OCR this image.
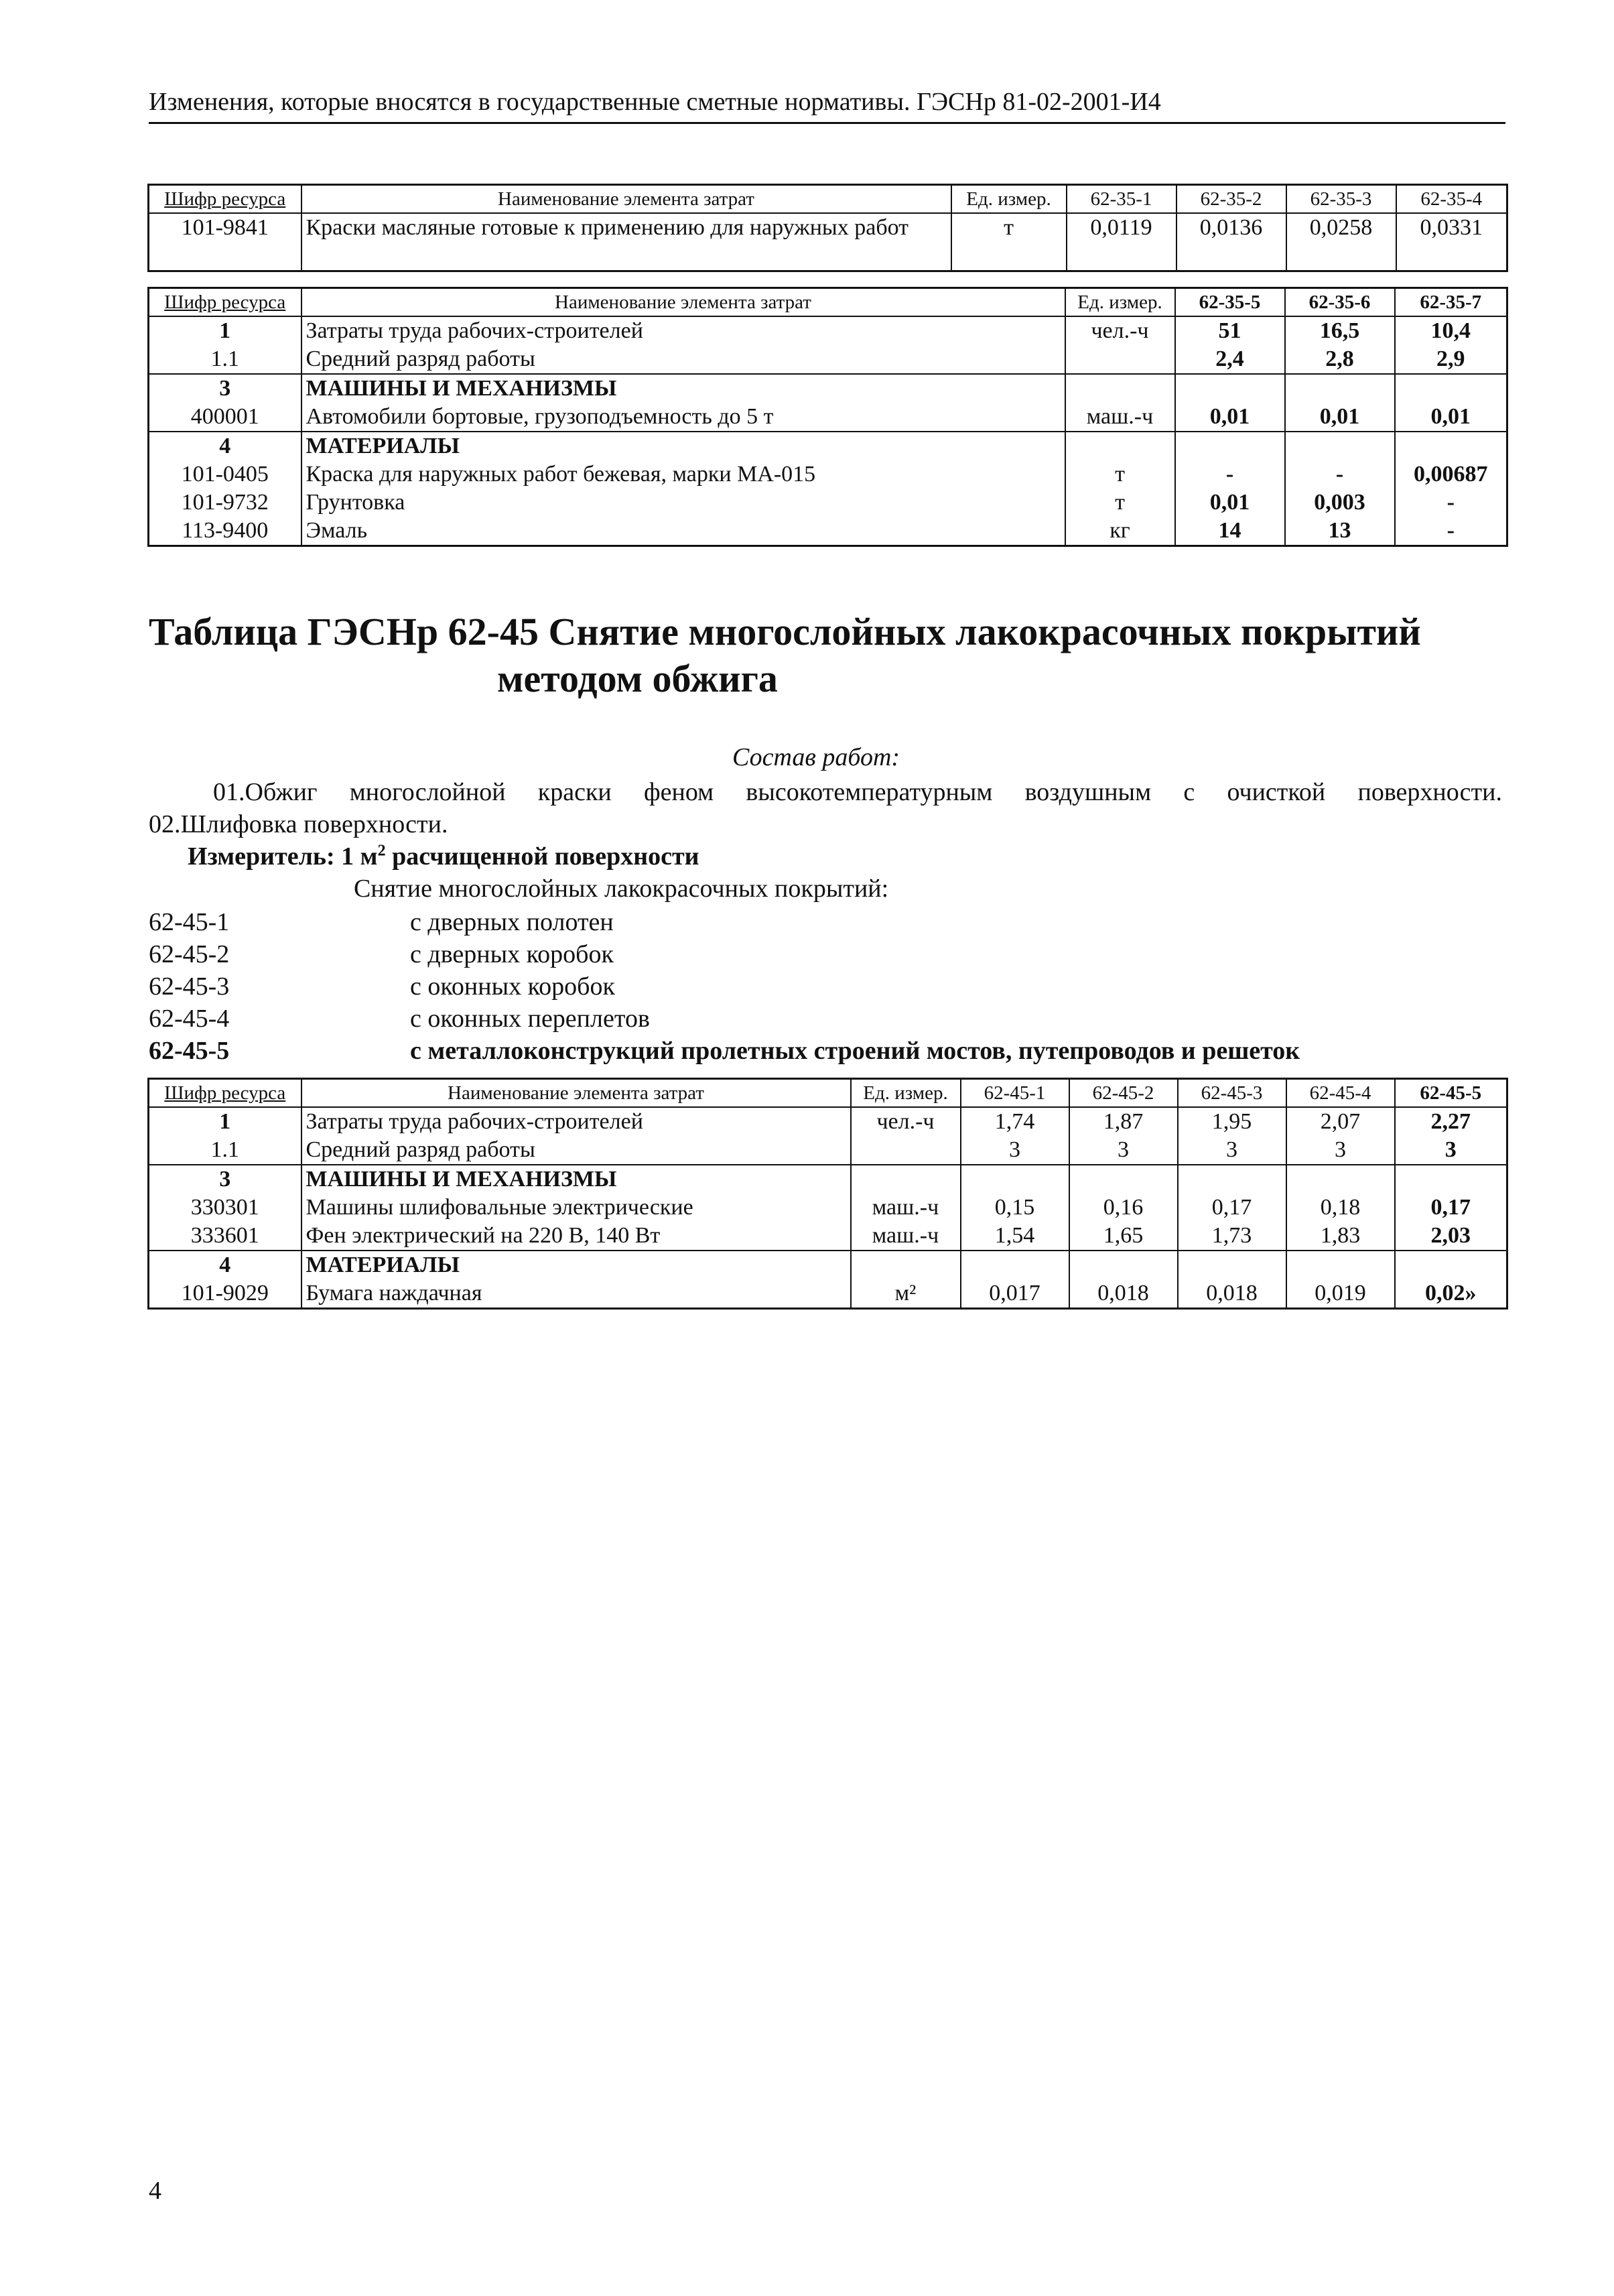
Изменения, которые вносятся в государственные сметные нормативы. ГЭСНр 81-02-2001-И4
Шифр ресурса	Наименование элемента затрат	Ед. измер.	62-35-1	62-35-2	62-35-3	62-35-4
101-9841	Краски масляные готовые к применению для наружных работ	т	0,0119	0,0136	0,0258	0,0331
Шифр ресурса	Наименование элемента затрат	Ед. измер.	62-35-5	62-35-6	62-35-7
1	Затраты труда рабочих-строителей	чел.-ч	51	16,5	10,4
1.1	Средний разряд работы		2,4	2,8	2,9
3	МАШИНЫ И МЕХАНИЗМЫ				
400001	Автомобили бортовые, грузоподъемность до 5 т	маш.-ч	0,01	0,01	0,01
4	МАТЕРИАЛЫ				
101-0405	Краска для наружных работ бежевая, марки МА-015	т	-	-	0,00687
101-9732	Грунтовка	т	0,01	0,003	-
113-9400	Эмаль	кг	14	13	-
Таблица ГЭСНр 62-45 Снятие многослойных лакокрасочных покрытий
методом обжига
Состав работ:
01.Обжиг многослойной краски феном высокотемпературным воздушным с очисткой поверхности.
02.Шлифовка поверхности.
Измеритель: 1 $м^2$ расчищенной поверхности
Снятие многослойных лакокрасочных покрытий:
62-45-1	с дверных полотен
62-45-2	с дверных коробок
62-45-3	с оконных коробок
62-45-4	с оконных переплетов
62-45-5	с металлоконструкций пролетных строений мостов, путепроводов и решеток
Шифр ресурса	Наименование элемента затрат	Ед. измер.	62-45-1	62-45-2	62-45-3	62-45-4	62-45-5
1	Затраты труда рабочих-строителей	чел.-ч	1,74	1,87	1,95	2,07	2,27
1.1	Средний разряд работы		3	3	3	3	3
3	МАШИНЫ И МЕХАНИЗМЫ						
330301	Машины шлифовальные электрические	маш.-ч	0,15	0,16	0,17	0,18	0,17
333601	Фен электрический на 220 В, 140 Вт	маш.-ч	1,54	1,65	1,73	1,83	2,03
4	МАТЕРИАЛЫ						
101-9029	Бумага наждачная	м²	0,017	0,018	0,018	0,019	0,02»
4
